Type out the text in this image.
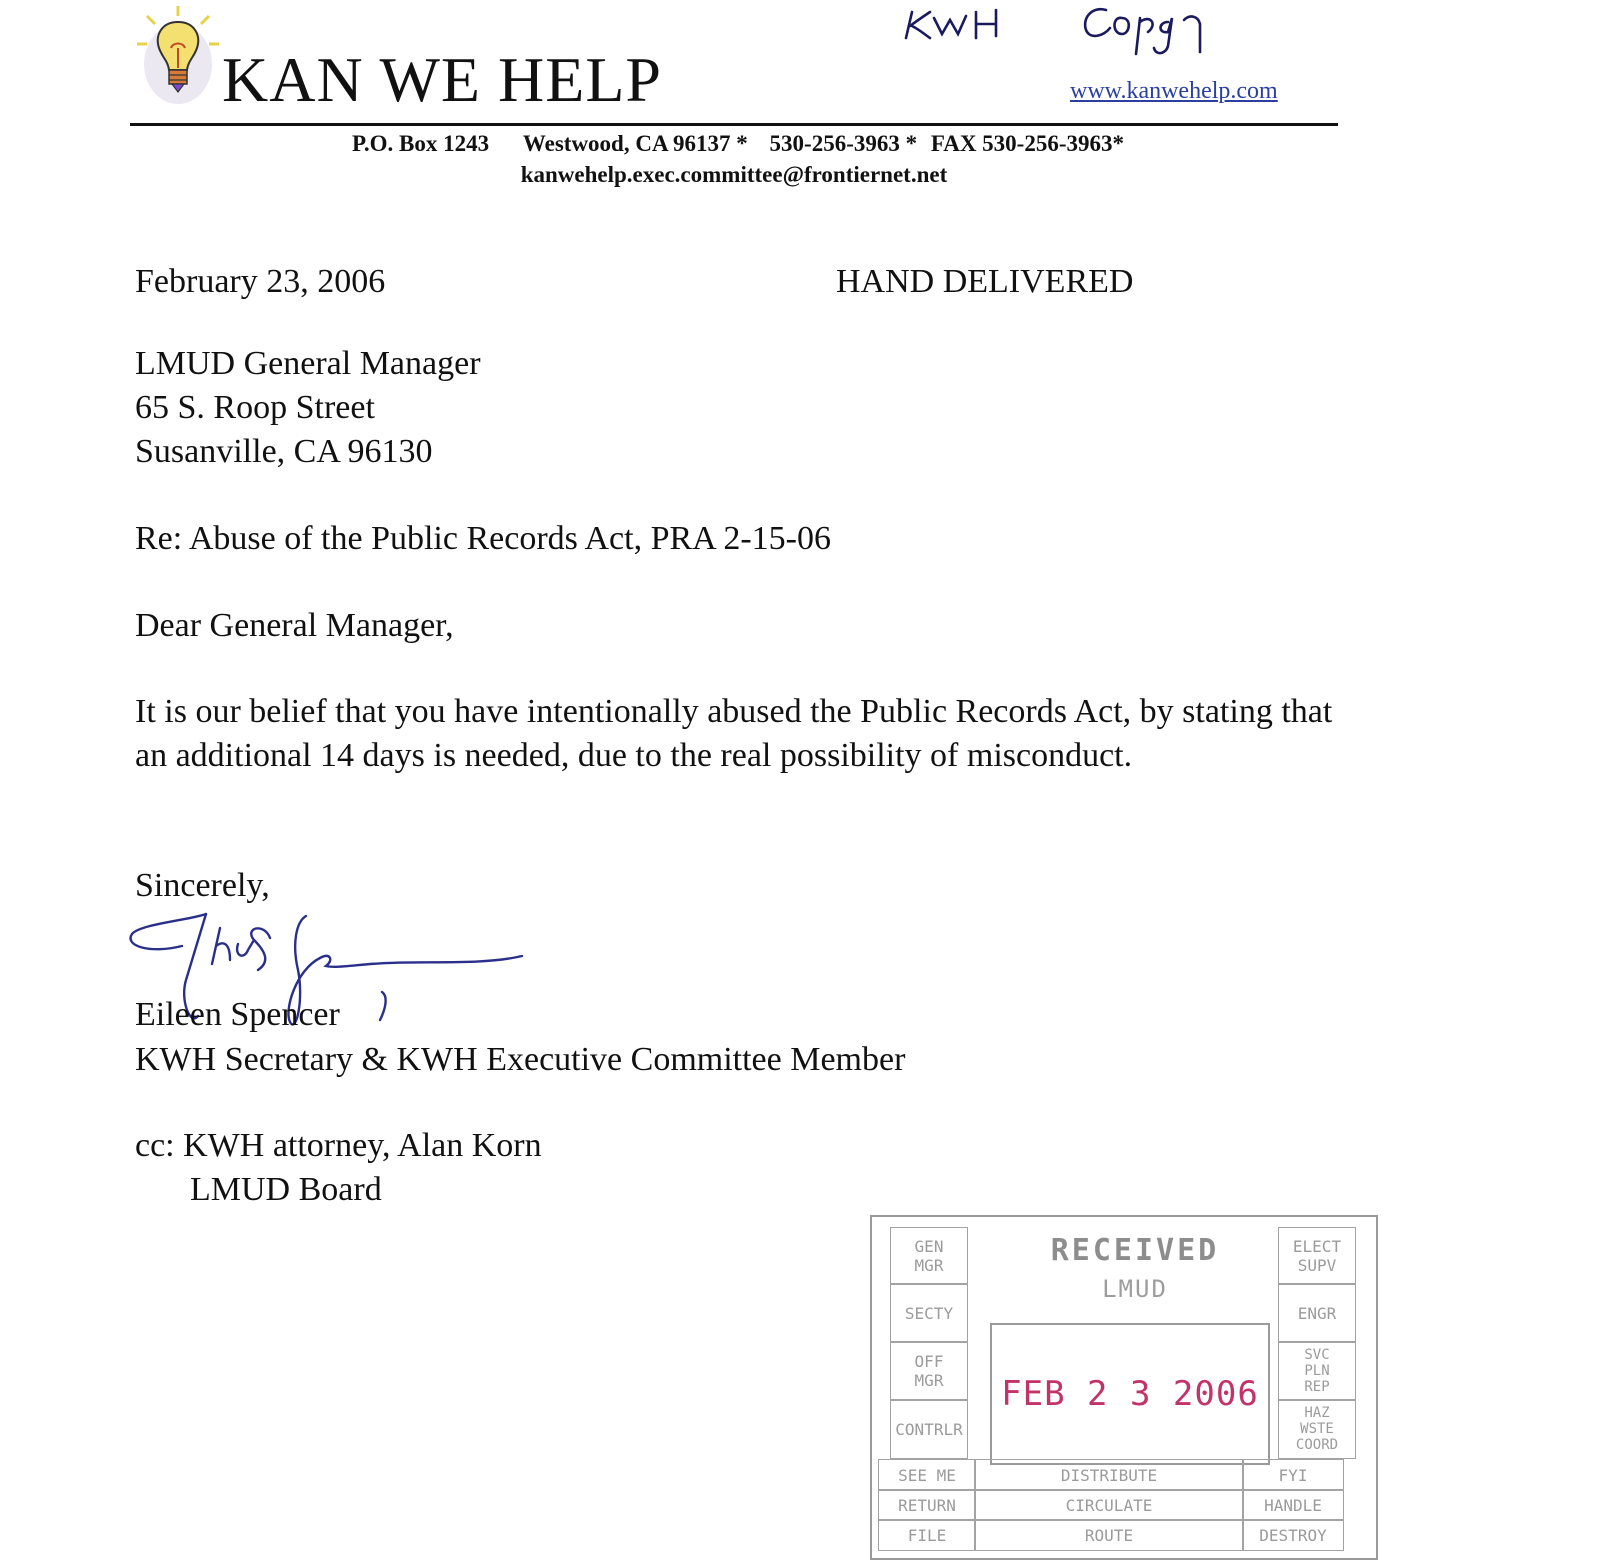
KAN WE HELP	www.kanwehelp.com
P.O. Box 1243 Westwood, CA 96137 * 530-256-3963 * FAX 530-256-3963*
kanwehelp.exec.committee@frontiernet.net
February 23, 2006	HAND DELIVERED
LMUD General Manager
65 S. Roop Street
Susanville, CA 96130
Re: Abuse of the Public Records Act, PRA 2-15-06
Dear General Manager,
It is our belief that you have intentionally abused the Public Records Act, by stating that an additional 14 days is needed, due to the real possibility of misconduct.
Sincerely,
Eileen Spencer
KWH Secretary & KWH Executive Committee Member
cc: KWH attorney, Alan Korn
LMUD Board
RECEIVED
LMUD
FEB 2 3 2006
GEN
MGR
SECTY
OFF
MGR
CONTRLR
ELECT
SUPV
ENGR
SVC
PLN
REP
HAZ
WSTE
COORD
SEE ME	DISTRIBUTE	FYI
RETURN	CIRCULATE	HANDLE
FILE	ROUTE	DESTROY
